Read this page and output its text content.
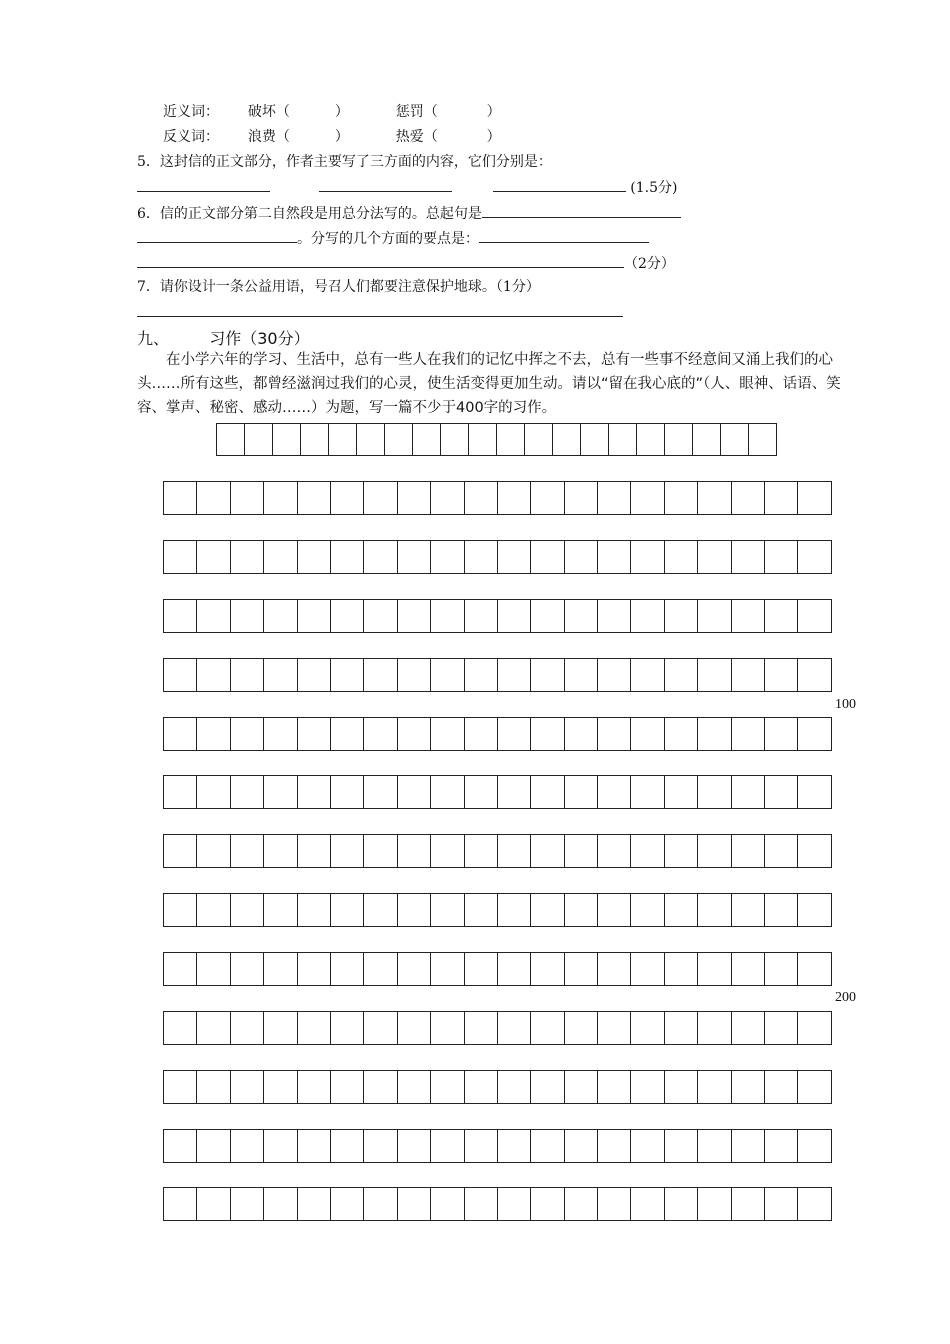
近义词： 破坏（	）	惩罚（	）
反义词： 浪费（	）	热爱（	）
5．这封信的正文部分，作者主要写了三方面的内容，它们分别是：
(1.5分)
6．信的正文部分第二自然段是用总分法写的。总起句是
。分写的几个方面的要点是：
（2分）
7．请你设计一条公益用语，号召人们都要注意保护地球。（1分）
九、	习作（30分）
在小学六年的学习、生活中，总有一些人在我们的记忆中挥之不去，总有一些事不经意间又涌上我们的心头……所有这些，都曾经滋润过我们的心灵，使生活变得更加生动。请以“留在我心底的”（人、眼神、话语、笑容、掌声、秘密、感动……）为题，写一篇不少于400字的习作。
100
200
